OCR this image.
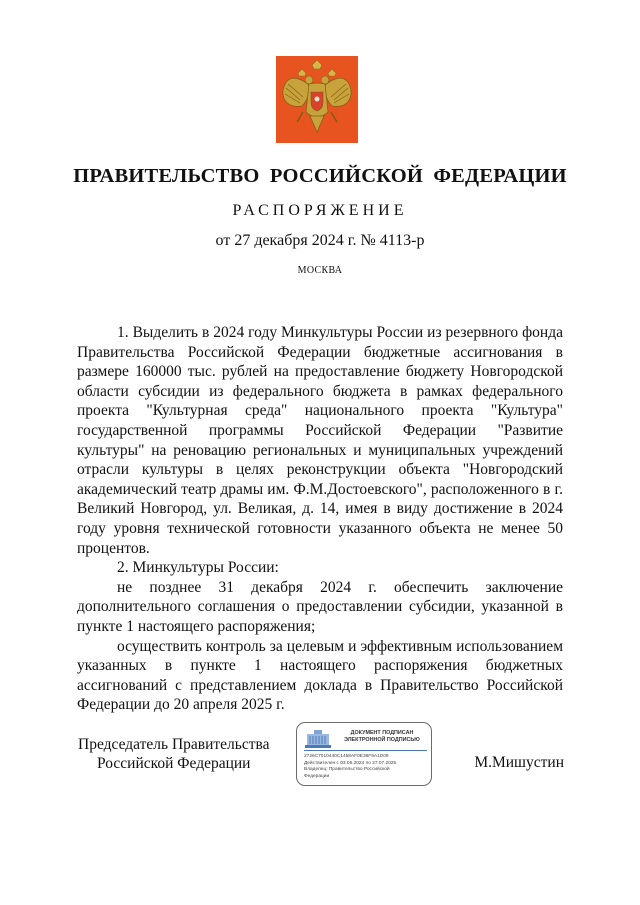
ПРАВИТЕЛЬСТВО РОССИЙСКОЙ ФЕДЕРАЦИИ
РАСПОРЯЖЕНИЕ
от 27 декабря 2024 г. № 4113-р
МОСКВА

1. Выделить в 2024 году Минкультуры России из резервного фонда Правительства Российской Федерации бюджетные ассигнования в размере 160000 тыс. рублей на предоставление бюджету Новгородской области субсидии из федерального бюджета в рамках федерального проекта "Культурная среда" национального проекта "Культура" государственной программы Российской Федерации "Развитие культуры" на реновацию региональных и муниципальных учреждений отрасли культуры в целях реконструкции объекта "Новгородский академический театр драмы им. Ф.М.Достоевского", расположенного в г. Великий Новгород, ул. Великая, д. 14, имея в виду достижение в 2024 году уровня технической готовности указанного объекта не менее 50 процентов.

2. Минкультуры России:

не позднее 31 декабря 2024 г. обеспечить заключение дополнительного соглашения о предоставлении субсидии, указанной в пункте 1 настоящего распоряжения;

осуществить контроль за целевым и эффективным использованием указанных в пункте 1 настоящего распоряжения бюджетных ассигнований с представлением доклада в Правительство Российской Федерации до 20 апреля 2025 г.

Председатель Правительства
Российской Федерации
ДОКУМЕНТ ПОДПИСАН
ЭЛЕКТРОННОЙ ПОДПИСЬЮ
2726C7010440C1458AF0E36F9A1D09
Действителен с 03.05.2024 по 27.07.2025
Владелец: Правительство Российской Федерации
М.Мишустин
